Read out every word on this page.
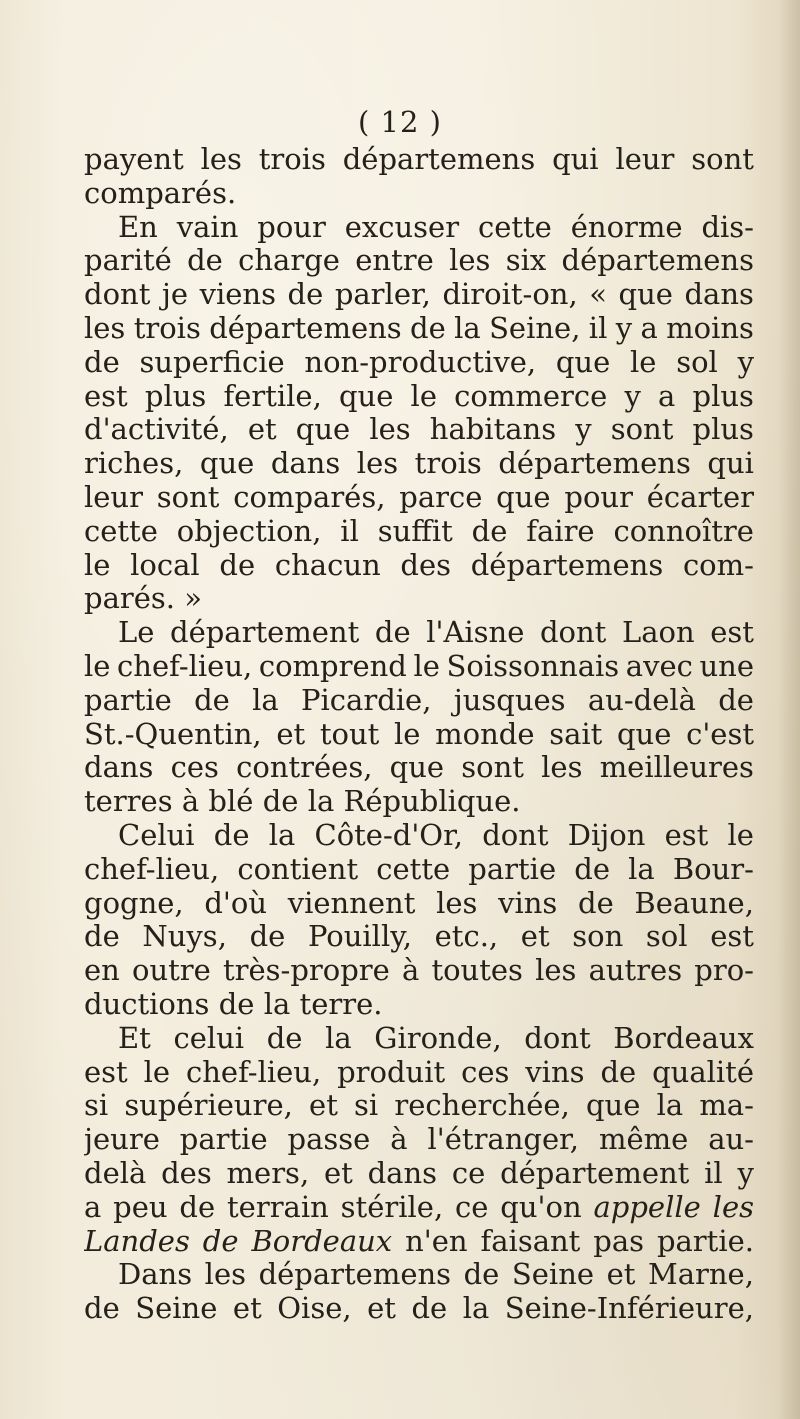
( 12 )
payent les trois départemens qui leur sont
comparés.
En vain pour excuser cette énorme dis-
parité de charge entre les six départemens
dont je viens de parler, diroit-on, « que dans
les trois départemens de la Seine, il y a moins
de superficie non-productive, que le sol y
est plus fertile, que le commerce y a plus
d'activité, et que les habitans y sont plus
riches, que dans les trois départemens qui
leur sont comparés, parce que pour écarter
cette objection, il suffit de faire connoître
le local de chacun des départemens com-
parés. »
Le département de l'Aisne dont Laon est
le chef-lieu, comprend le Soissonnais avec une
partie de la Picardie, jusques au-delà de
St.-Quentin, et tout le monde sait que c'est
dans ces contrées, que sont les meilleures
terres à blé de la République.
Celui de la Côte-d'Or, dont Dijon est le
chef-lieu, contient cette partie de la Bour-
gogne, d'où viennent les vins de Beaune,
de Nuys, de Pouilly, etc., et son sol est
en outre très-propre à toutes les autres pro-
ductions de la terre.
Et celui de la Gironde, dont Bordeaux
est le chef-lieu, produit ces vins de qualité
si supérieure, et si recherchée, que la ma-
jeure partie passe à l'étranger, même au-
delà des mers, et dans ce département il y
a peu de terrain stérile, ce qu'on appelle les
Landes de Bordeaux n'en faisant pas partie.
Dans les départemens de Seine et Marne,
de Seine et Oise, et de la Seine-Inférieure,
